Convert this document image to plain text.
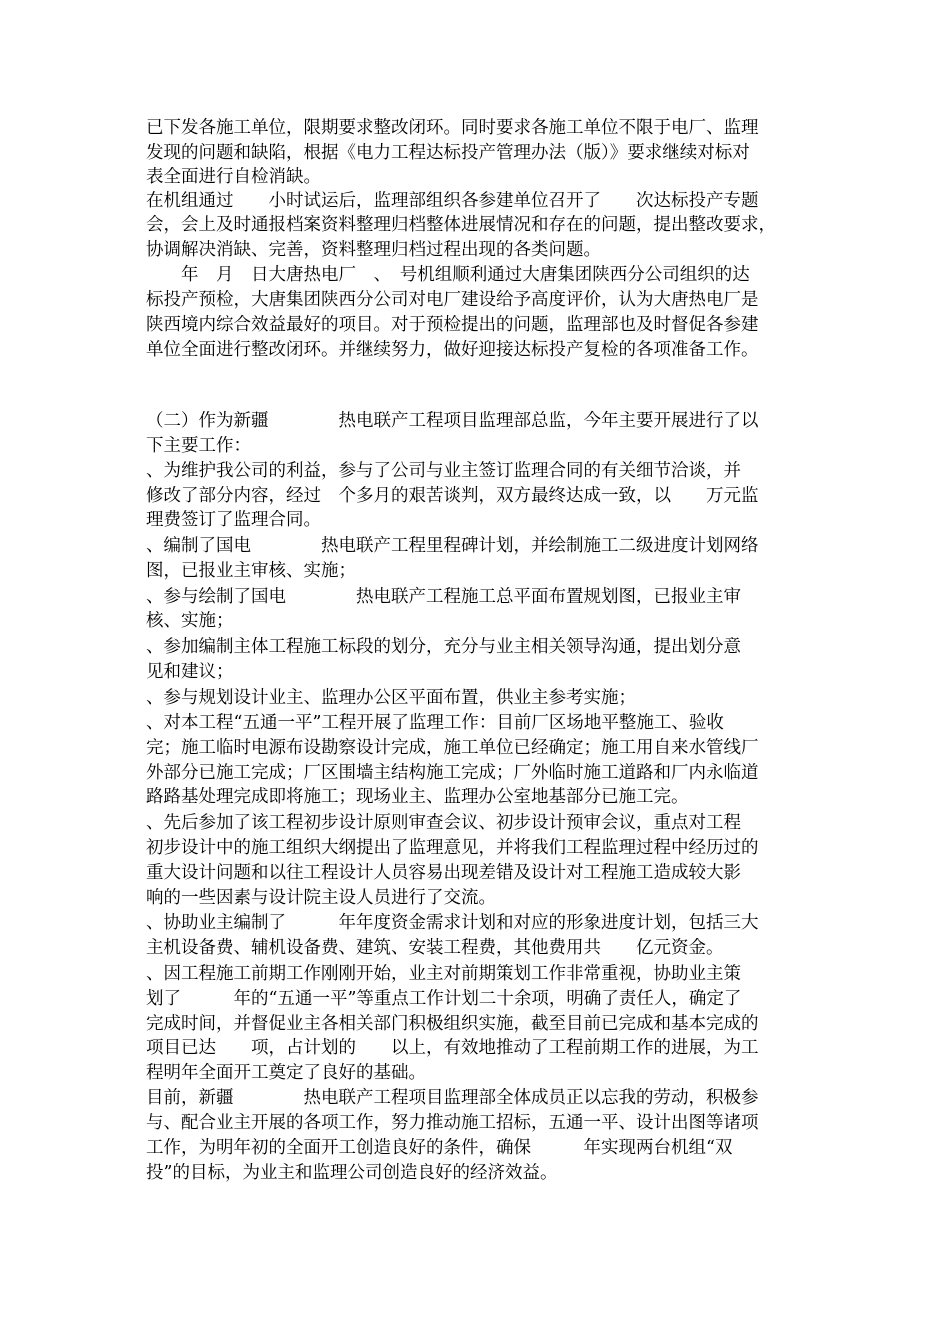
已下发各施工单位，限期要求整改闭环。同时要求各施工单位不限于电厂、监理
发现的问题和缺陷，根据《电力工程达标投产管理办法（版）》要求继续对标对
表全面进行自检消缺。
在机组通过　　小时试运后，监理部组织各参建单位召开了　　次达标投产专题
会，会上及时通报档案资料整理归档整体进展情况和存在的问题，提出整改要求，
协调解决消缺、完善，资料整理归档过程出现的各类问题。
　　年　月　日大唐热电厂　、　号机组顺利通过大唐集团陕西分公司组织的达
标投产预检，大唐集团陕西分公司对电厂建设给予高度评价，认为大唐热电厂是
陕西境内综合效益最好的项目。对于预检提出的问题，监理部也及时督促各参建
单位全面进行整改闭环。并继续努力，做好迎接达标投产复检的各项准备工作。
（二）作为新疆　　　　热电联产工程项目监理部总监，今年主要开展进行了以
下主要工作：
、为维护我公司的利益，参与了公司与业主签订监理合同的有关细节洽谈，并
修改了部分内容，经过　个多月的艰苦谈判，双方最终达成一致，以　　万元监
理费签订了监理合同。
、编制了国电　　　　热电联产工程里程碑计划，并绘制施工二级进度计划网络
图，已报业主审核、实施；
、参与绘制了国电　　　　热电联产工程施工总平面布置规划图，已报业主审
核、实施；
、参加编制主体工程施工标段的划分，充分与业主相关领导沟通，提出划分意
见和建议；
、参与规划设计业主、监理办公区平面布置，供业主参考实施；
、对本工程“五通一平”工程开展了监理工作：目前厂区场地平整施工、验收
完；施工临时电源布设勘察设计完成，施工单位已经确定；施工用自来水管线厂
外部分已施工完成；厂区围墙主结构施工完成；厂外临时施工道路和厂内永临道
路路基处理完成即将施工；现场业主、监理办公室地基部分已施工完。
、先后参加了该工程初步设计原则审查会议、初步设计预审会议，重点对工程
初步设计中的施工组织大纲提出了监理意见，并将我们工程监理过程中经历过的
重大设计问题和以往工程设计人员容易出现差错及设计对工程施工造成较大影
响的一些因素与设计院主设人员进行了交流。
、协助业主编制了　　　年年度资金需求计划和对应的形象进度计划，包括三大
主机设备费、辅机设备费、建筑、安装工程费，其他费用共　　亿元资金。
、因工程施工前期工作刚刚开始，业主对前期策划工作非常重视，协助业主策
划了　　　年的“五通一平”等重点工作计划二十余项，明确了责任人，确定了
完成时间，并督促业主各相关部门积极组织实施，截至目前已完成和基本完成的
项目已达　　项，占计划的　　以上，有效地推动了工程前期工作的进展，为工
程明年全面开工奠定了良好的基础。
目前，新疆　　　　热电联产工程项目监理部全体成员正以忘我的劳动，积极参
与、配合业主开展的各项工作，努力推动施工招标，五通一平、设计出图等诸项
工作，为明年初的全面开工创造良好的条件，确保　　　年实现两台机组“双
投”的目标，为业主和监理公司创造良好的经济效益。
